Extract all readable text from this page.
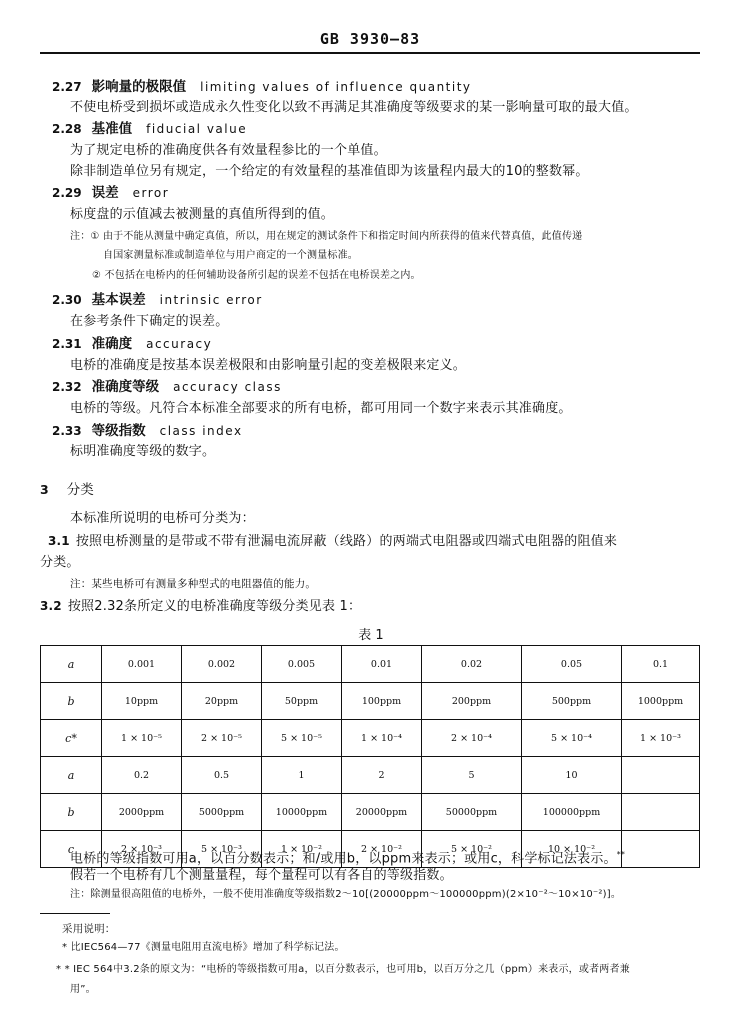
GB 3930—83
2.27 影响量的极限值 limiting values of influence quantity
不使电桥受到损坏或造成永久性变化以致不再满足其准确度等级要求的某一影响量可取的最大值。
2.28 基准值 fiducial value
为了规定电桥的准确度供各有效量程参比的一个单值。
除非制造单位另有规定，一个给定的有效量程的基准值即为该量程内最大的10的整数幂。
2.29 误差 error
标度盘的示值减去被测量的真值所得到的值。
注：① 由于不能从测量中确定真值，所以，用在规定的测试条件下和指定时间内所获得的值来代替真值，此值传递
自国家测量标准或制造单位与用户商定的一个测量标准。
② 不包括在电桥内的任何辅助设备所引起的误差不包括在电桥误差之内。
2.30 基本误差 intrinsic error
在参考条件下确定的误差。
2.31 准确度 accuracy
电桥的准确度是按基本误差极限和由影响量引起的变差极限来定义。
2.32 准确度等级 accuracy class
电桥的等级。凡符合本标准全部要求的所有电桥，都可用同一个数字来表示其准确度。
2.33 等级指数 class index
标明准确度等级的数字。
3 分类
本标准所说明的电桥可分类为：
3.1 按照电桥测量的是带或不带有泄漏电流屏蔽（线路）的两端式电阻器或四端式电阻器的阻值来
分类。
注：某些电桥可有测量多种型式的电阻器值的能力。
3.2 按照2.32条所定义的电桥准确度等级分类见表 1：
表 1
a	0.001	0.002	0.005	0.01	0.02	0.05	0.1
b	10ppm	20ppm	50ppm	100ppm	200ppm	500ppm	1000ppm
c*	1 × 10⁻⁵	2 × 10⁻⁵	5 × 10⁻⁵	1 × 10⁻⁴	2 × 10⁻⁴	5 × 10⁻⁴	1 × 10⁻³
a	0.2	0.5	1	2	5	10	
b	2000ppm	5000ppm	10000ppm	20000ppm	50000ppm	100000ppm	
c	2 × 10⁻³	5 × 10⁻³	1 × 10⁻²	2 × 10⁻²	5 × 10⁻²	10 × 10⁻²	
电桥的等级指数可用a，以百分数表示；和/或用b，以ppm来表示；或用c，科学标记法表示。**
假若一个电桥有几个测量量程，每个量程可以有各自的等级指数。
注：除测量很高阻值的电桥外，一般不使用准确度等级指数2～10[(20000ppm～100000ppm)(2×10⁻²～10×10⁻²)]。
采用说明：
* 比IEC564—77《测量电阻用直流电桥》增加了科学标记法。
* * IEC 564中3.2条的原文为：“电桥的等级指数可用a，以百分数表示，也可用b，以百万分之几（ppm）来表示，或者两者兼
用”。
